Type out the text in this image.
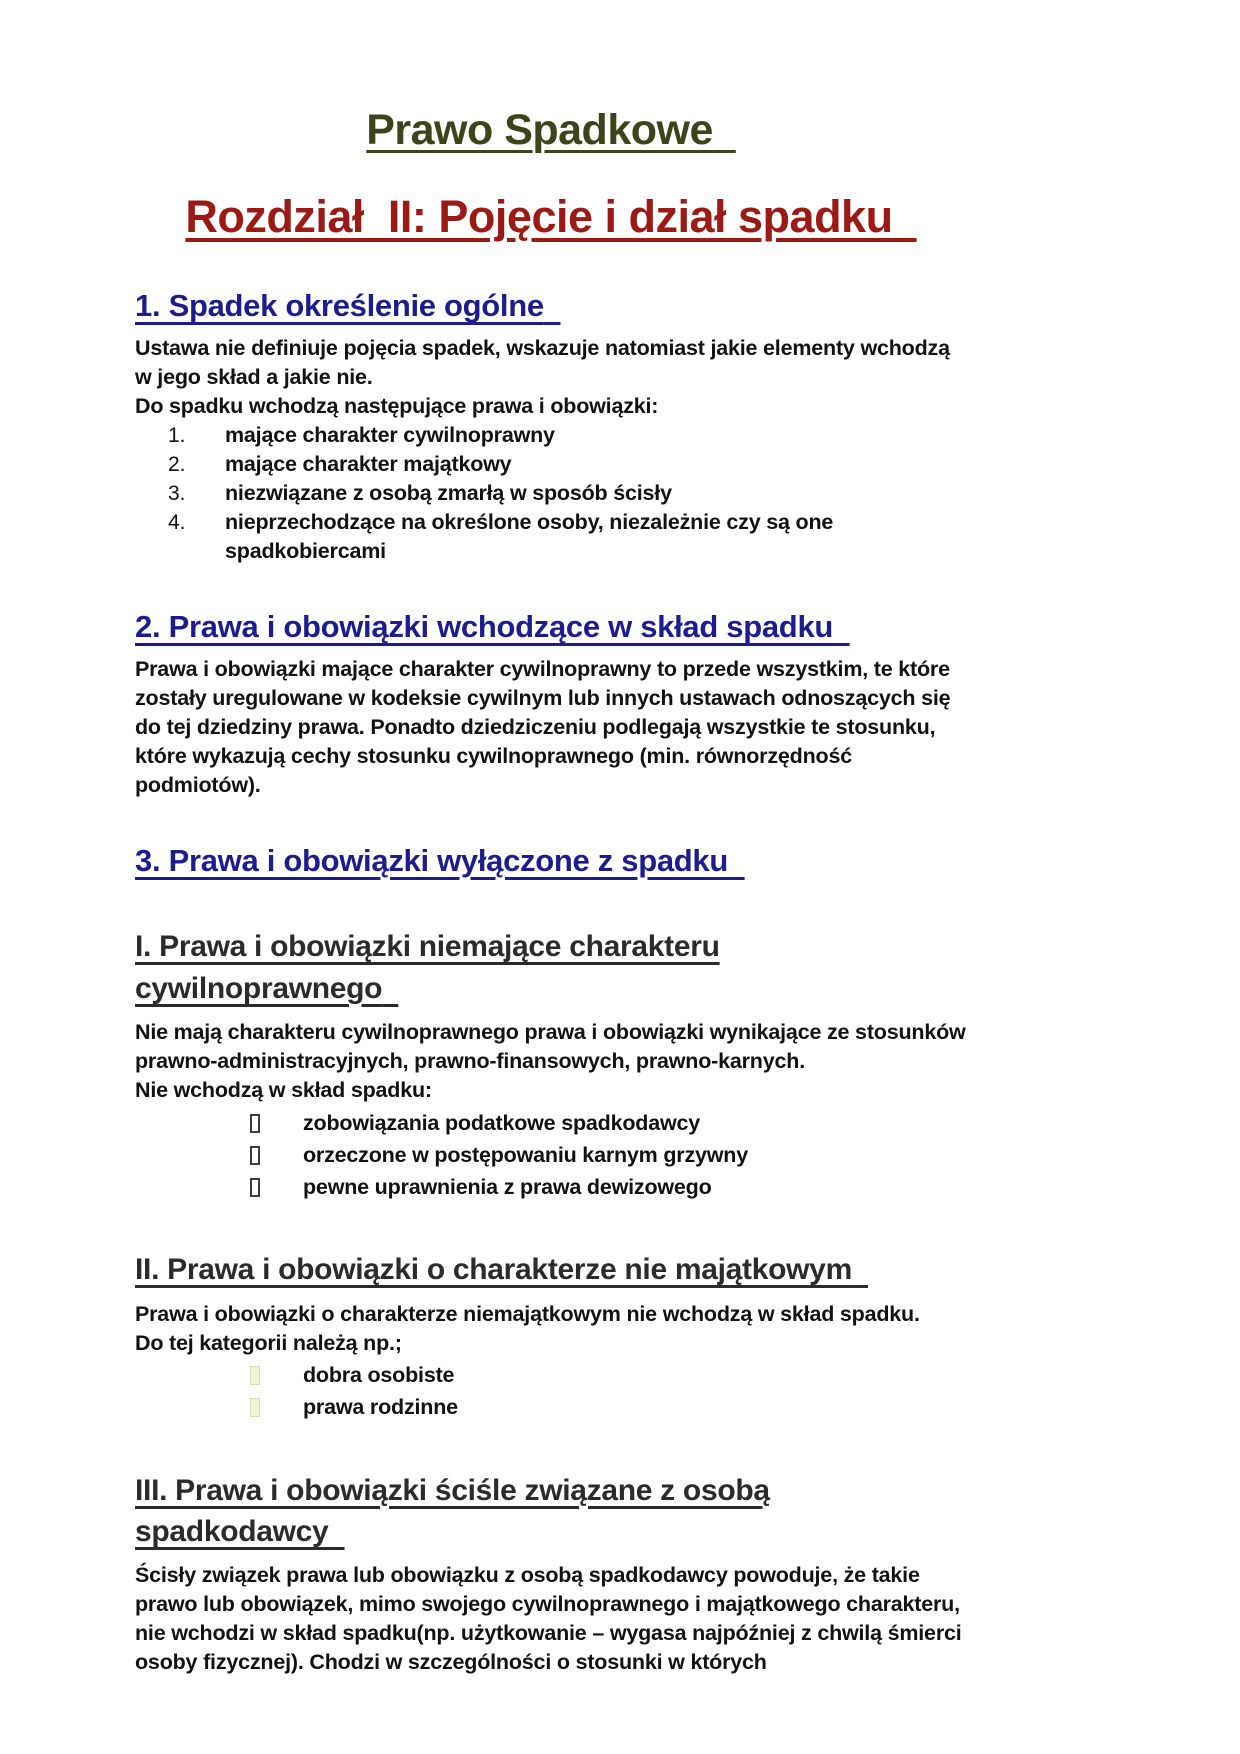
Prawo Spadkowe
Rozdział  II: Pojęcie i dział spadku
1. Spadek określenie ogólne

Ustawa nie definiuje pojęcia spadek, wskazuje natomiast jakie elementy wchodzą w jego skład a jakie nie.

Do spadku wchodzą następujące prawa i obowiązki:

1.	mające charakter cywilnoprawny
2.	mające charakter majątkowy
3.	niezwiązane z osobą zmarłą w sposób ścisły
4.	nieprzechodzące na określone osoby, niezależnie czy są one spadkobiercami
2. Prawa i obowiązki wchodzące w skład spadku

Prawa i obowiązki mające charakter cywilnoprawny to przede wszystkim, te które zostały uregulowane w kodeksie cywilnym lub innych ustawach odnoszących się do tej dziedziny prawa. Ponadto dziedziczeniu podlegają wszystkie te stosunku, które wykazują cechy stosunku cywilnoprawnego (min. równorzędność podmiotów).

3. Prawa i obowiązki wyłączone z spadku
I. Prawa i obowiązki niemające charakteru cywilnoprawnego

Nie mają charakteru cywilnoprawnego prawa i obowiązki wynikające ze stosunków prawno-administracyjnych, prawno-finansowych, prawno-karnych.

Nie wchodzą w skład spadku:

zobowiązania podatkowe spadkodawcy
orzeczone w postępowaniu karnym grzywny
pewne uprawnienia z prawa dewizowego
II. Prawa i obowiązki o charakterze nie majątkowym

Prawa i obowiązki o charakterze niemajątkowym nie wchodzą w skład spadku.

Do tej kategorii należą np.;

dobra osobiste
prawa rodzinne
III. Prawa i obowiązki ściśle związane z osobą spadkodawcy

Ścisły związek prawa lub obowiązku z osobą spadkodawcy powoduje, że takie prawo lub obowiązek, mimo swojego cywilnoprawnego i majątkowego charakteru, nie wchodzi w skład spadku(np. użytkowanie – wygasa najpóźniej z chwilą śmierci osoby fizycznej). Chodzi w szczególności o stosunki w których
